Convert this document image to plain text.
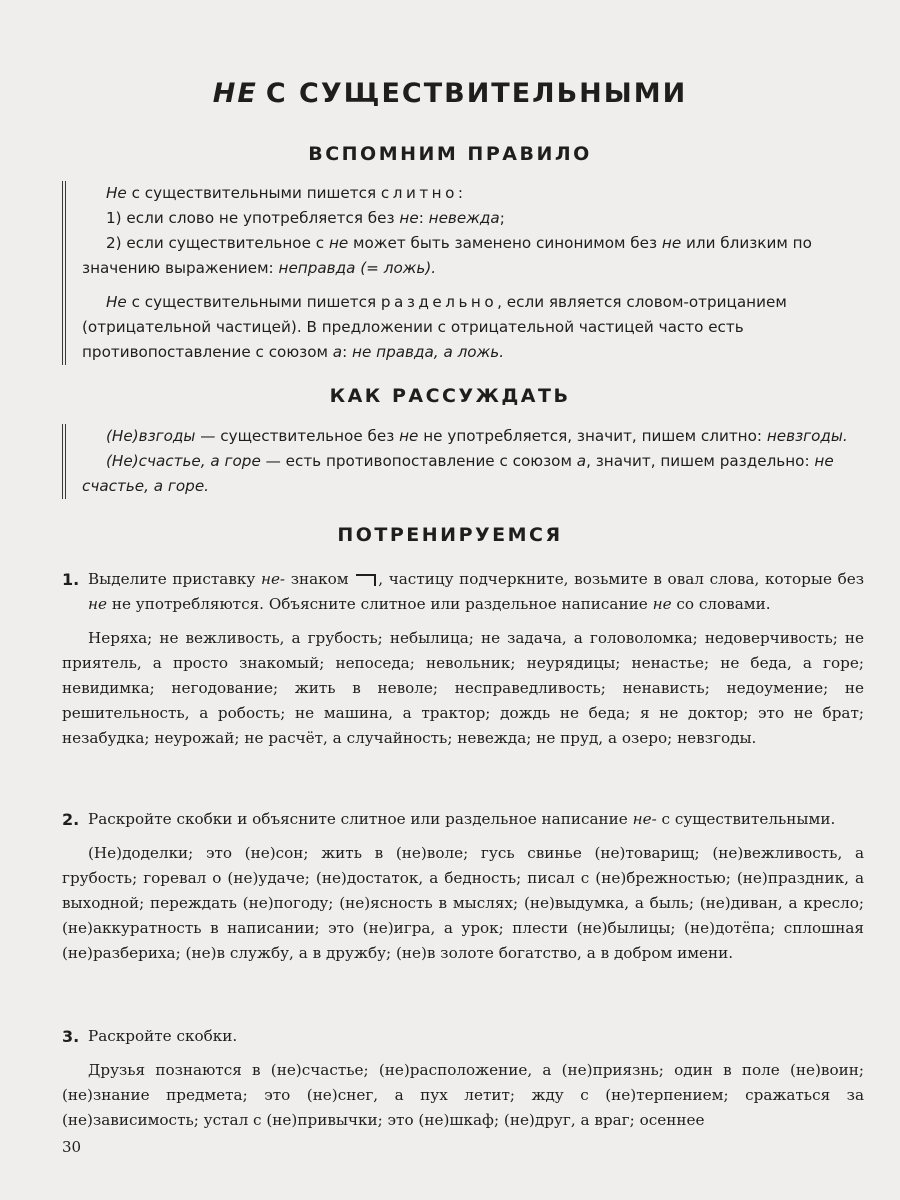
НЕ С СУЩЕСТВИТЕЛЬНЫМИ
ВСПОМНИМ ПРАВИЛО

Не с существительными пишется слитно:

1) если слово не употребляется без не: невежда;

2) если существительное с не может быть заменено синонимом без не или близким по значению выражением: неправда (= ложь).

Не с существительными пишется раздельно, если является словом-отрицанием (отрицательной частицей). В предложении с отрицательной частицей часто есть противопоставление с союзом а: не правда, а ложь.

КАК РАССУЖДАТЬ

(Не)взгоды — существительное без не не употребляется, значит, пишем слитно: невзгоды.

(Не)счастье, а горе — есть противопоставление с союзом а, значит, пишем раздельно: не счастье, а горе.

ПОТРЕНИРУЕМСЯ
1. Выделите приставку не- знаком , частицу подчеркните, возьмите в овал слова, которые без не не употребляются. Объясните слитное или раздельное написание не со словами.

Неряха; не вежливость, а грубость; небылица; не задача, а головоломка; недоверчивость; не приятель, а просто знакомый; непоседа; невольник; неурядицы; ненастье; не беда, а горе; невидимка; негодование; жить в неволе; несправедливость; ненависть; недоумение; не решительность, а робость; не машина, а трактор; дождь не беда; я не доктор; это не брат; незабудка; неурожай; не расчёт, а случайность; невежда; не пруд, а озеро; невзгоды.

2. Раскройте скобки и объясните слитное или раздельное написание не- с существительными.

(Не)доделки; это (не)сон; жить в (не)воле; гусь свинье (не)товарищ; (не)вежливость, а грубость; горевал о (не)удаче; (не)достаток, а бедность; писал с (не)брежностью; (не)праздник, а выходной; переждать (не)погоду; (не)ясность в мыслях; (не)выдумка, а быль; (не)диван, а кресло; (не)аккуратность в написании; это (не)игра, а урок; плести (не)былицы; (не)дотёпа; сплошная (не)разбериха; (не)в службу, а в дружбу; (не)в золоте богатство, а в добром имени.

3. Раскройте скобки.

Друзья познаются в (не)счастье; (не)расположение, а (не)приязнь; один в поле (не)воин; (не)знание предмета; это (не)снег, а пух летит; жду с (не)терпением; сражаться за (не)зависимость; устал с (не)привычки; это (не)шкаф; (не)друг, а враг; осеннее

30
